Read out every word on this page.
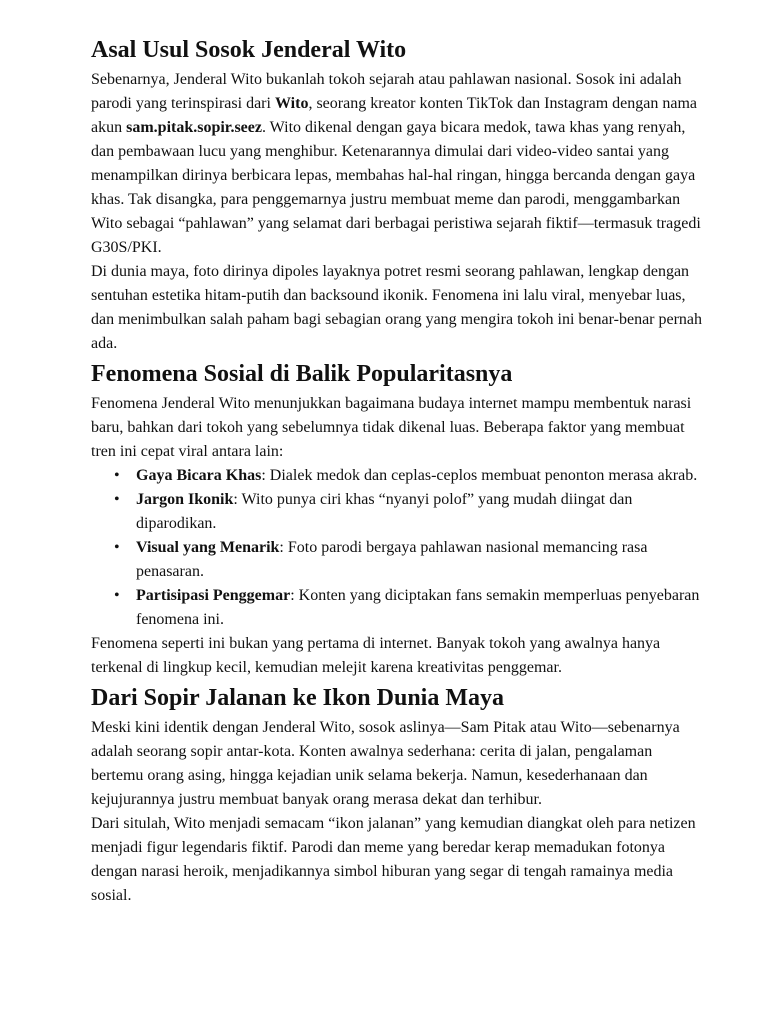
Asal Usul Sosok Jenderal Wito

Sebenarnya, Jenderal Wito bukanlah tokoh sejarah atau pahlawan nasional. Sosok ini adalah parodi yang terinspirasi dari Wito, seorang kreator konten TikTok dan Instagram dengan nama akun sam.pitak.sopir.seez. Wito dikenal dengan gaya bicara medok, tawa khas yang renyah, dan pembawaan lucu yang menghibur. Ketenarannya dimulai dari video-video santai yang menampilkan dirinya berbicara lepas, membahas hal-hal ringan, hingga bercanda dengan gaya khas. Tak disangka, para penggemarnya justru membuat meme dan parodi, menggambarkan Wito sebagai “pahlawan” yang selamat dari berbagai peristiwa sejarah fiktif—termasuk tragedi G30S/PKI.

Di dunia maya, foto dirinya dipoles layaknya potret resmi seorang pahlawan, lengkap dengan sentuhan estetika hitam-putih dan backsound ikonik. Fenomena ini lalu viral, menyebar luas, dan menimbulkan salah paham bagi sebagian orang yang mengira tokoh ini benar-benar pernah ada.

Fenomena Sosial di Balik Popularitasnya

Fenomena Jenderal Wito menunjukkan bagaimana budaya internet mampu membentuk narasi baru, bahkan dari tokoh yang sebelumnya tidak dikenal luas. Beberapa faktor yang membuat tren ini cepat viral antara lain:

• Gaya Bicara Khas: Dialek medok dan ceplas-ceplos membuat penonton merasa akrab.
• Jargon Ikonik: Wito punya ciri khas “nyanyi polof” yang mudah diingat dan diparodikan.
• Visual yang Menarik: Foto parodi bergaya pahlawan nasional memancing rasa penasaran.
• Partisipasi Penggemar: Konten yang diciptakan fans semakin memperluas penyebaran fenomena ini.

Fenomena seperti ini bukan yang pertama di internet. Banyak tokoh yang awalnya hanya terkenal di lingkup kecil, kemudian melejit karena kreativitas penggemar.

Dari Sopir Jalanan ke Ikon Dunia Maya

Meski kini identik dengan Jenderal Wito, sosok aslinya—Sam Pitak atau Wito—sebenarnya adalah seorang sopir antar-kota. Konten awalnya sederhana: cerita di jalan, pengalaman bertemu orang asing, hingga kejadian unik selama bekerja. Namun, kesederhanaan dan kejujurannya justru membuat banyak orang merasa dekat dan terhibur.

Dari situlah, Wito menjadi semacam “ikon jalanan” yang kemudian diangkat oleh para netizen menjadi figur legendaris fiktif. Parodi dan meme yang beredar kerap memadukan fotonya dengan narasi heroik, menjadikannya simbol hiburan yang segar di tengah ramainya media sosial.
